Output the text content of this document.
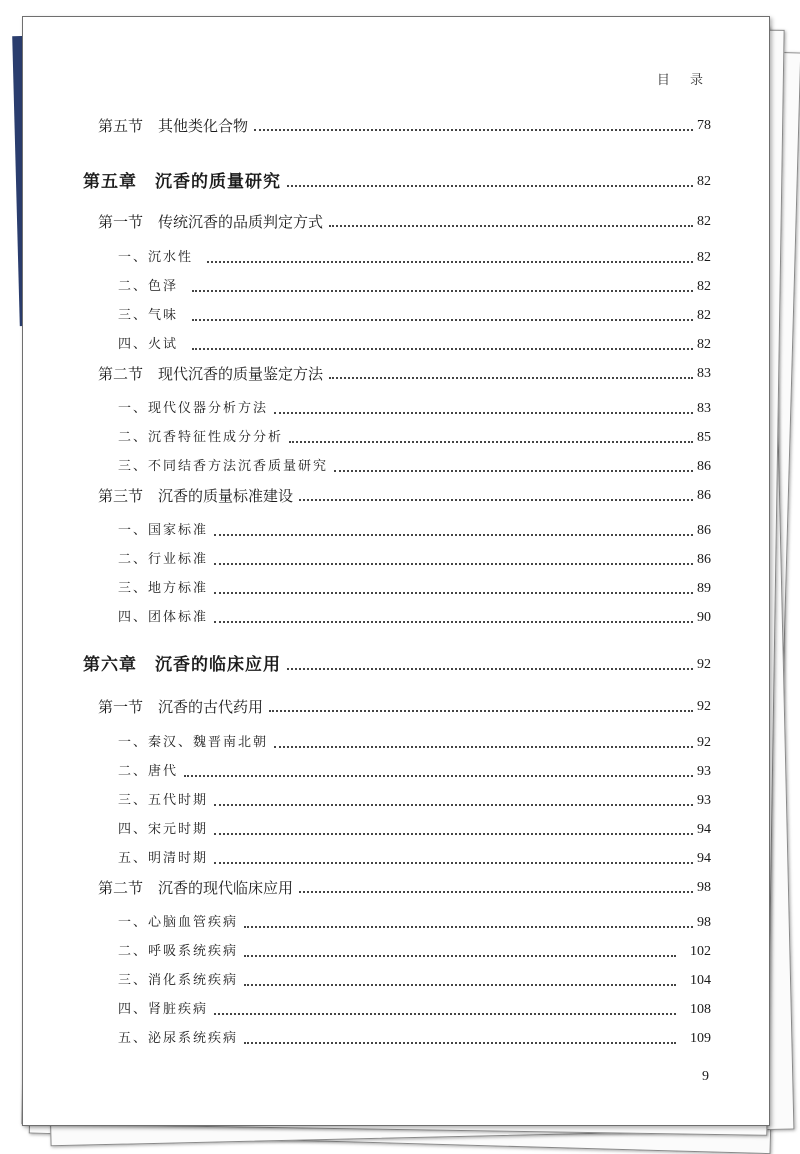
目 录
第五节　其他类化合物	78
第五章　沉香的质量研究	82
第一节　传统沉香的品质判定方式	82
一、沉水性	82
二、色泽	82
三、气味	82
四、火试	82
第二节　现代沉香的质量鉴定方法	83
一、现代仪器分析方法	83
二、沉香特征性成分分析	85
三、不同结香方法沉香质量研究	86
第三节　沉香的质量标准建设	86
一、国家标准	86
二、行业标准	86
三、地方标准	89
四、团体标准	90
第六章　沉香的临床应用	92
第一节　沉香的古代药用	92
一、秦汉、魏晋南北朝	92
二、唐代	93
三、五代时期	93
四、宋元时期	94
五、明清时期	94
第二节　沉香的现代临床应用	98
一、心脑血管疾病	98
二、呼吸系统疾病	102
三、消化系统疾病	104
四、肾脏疾病	108
五、泌尿系统疾病	109
9
